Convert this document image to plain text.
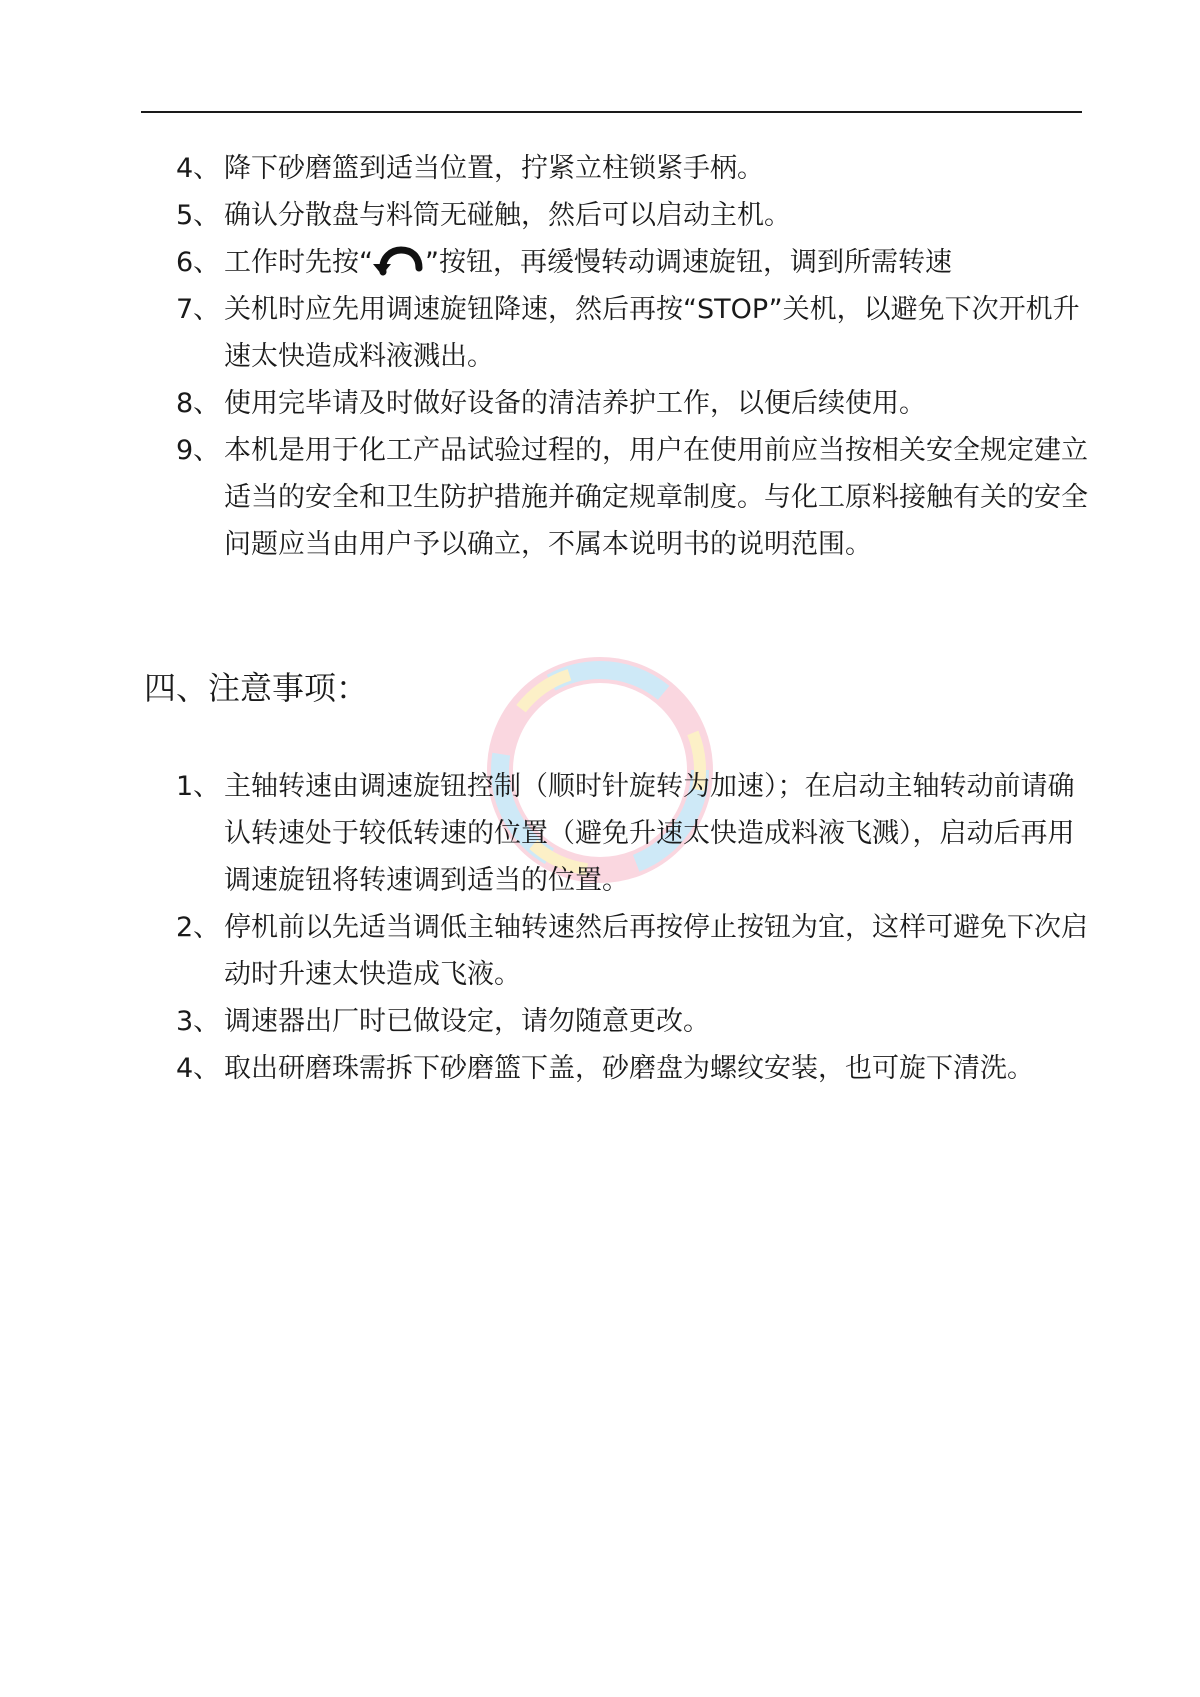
4、 降下砂磨篮到适当位置，拧紧立柱锁紧手柄。
5、 确认分散盘与料筒无碰触，然后可以启动主机。
6、 工作时先按“ ”按钮，再缓慢转动调速旋钮，调到所需转速
7、 关机时应先用调速旋钮降速，然后再按“STOP”关机，以避免下次开机升速太快造成料液溅出。
8、 使用完毕请及时做好设备的清洁养护工作，以便后续使用。
9、 本机是用于化工产品试验过程的，用户在使用前应当按相关安全规定建立适当的安全和卫生防护措施并确定规章制度。与化工原料接触有关的安全问题应当由用户予以确立，不属本说明书的说明范围。
四、注意事项：
1、 主轴转速由调速旋钮控制（顺时针旋转为加速）；在启动主轴转动前请确认转速处于较低转速的位置（避免升速太快造成料液飞溅），启动后再用调速旋钮将转速调到适当的位置。
2、 停机前以先适当调低主轴转速然后再按停止按钮为宜，这样可避免下次启动时升速太快造成飞液。
3、 调速器出厂时已做设定，请勿随意更改。
4、 取出研磨珠需拆下砂磨篮下盖，砂磨盘为螺纹安装，也可旋下清洗。
